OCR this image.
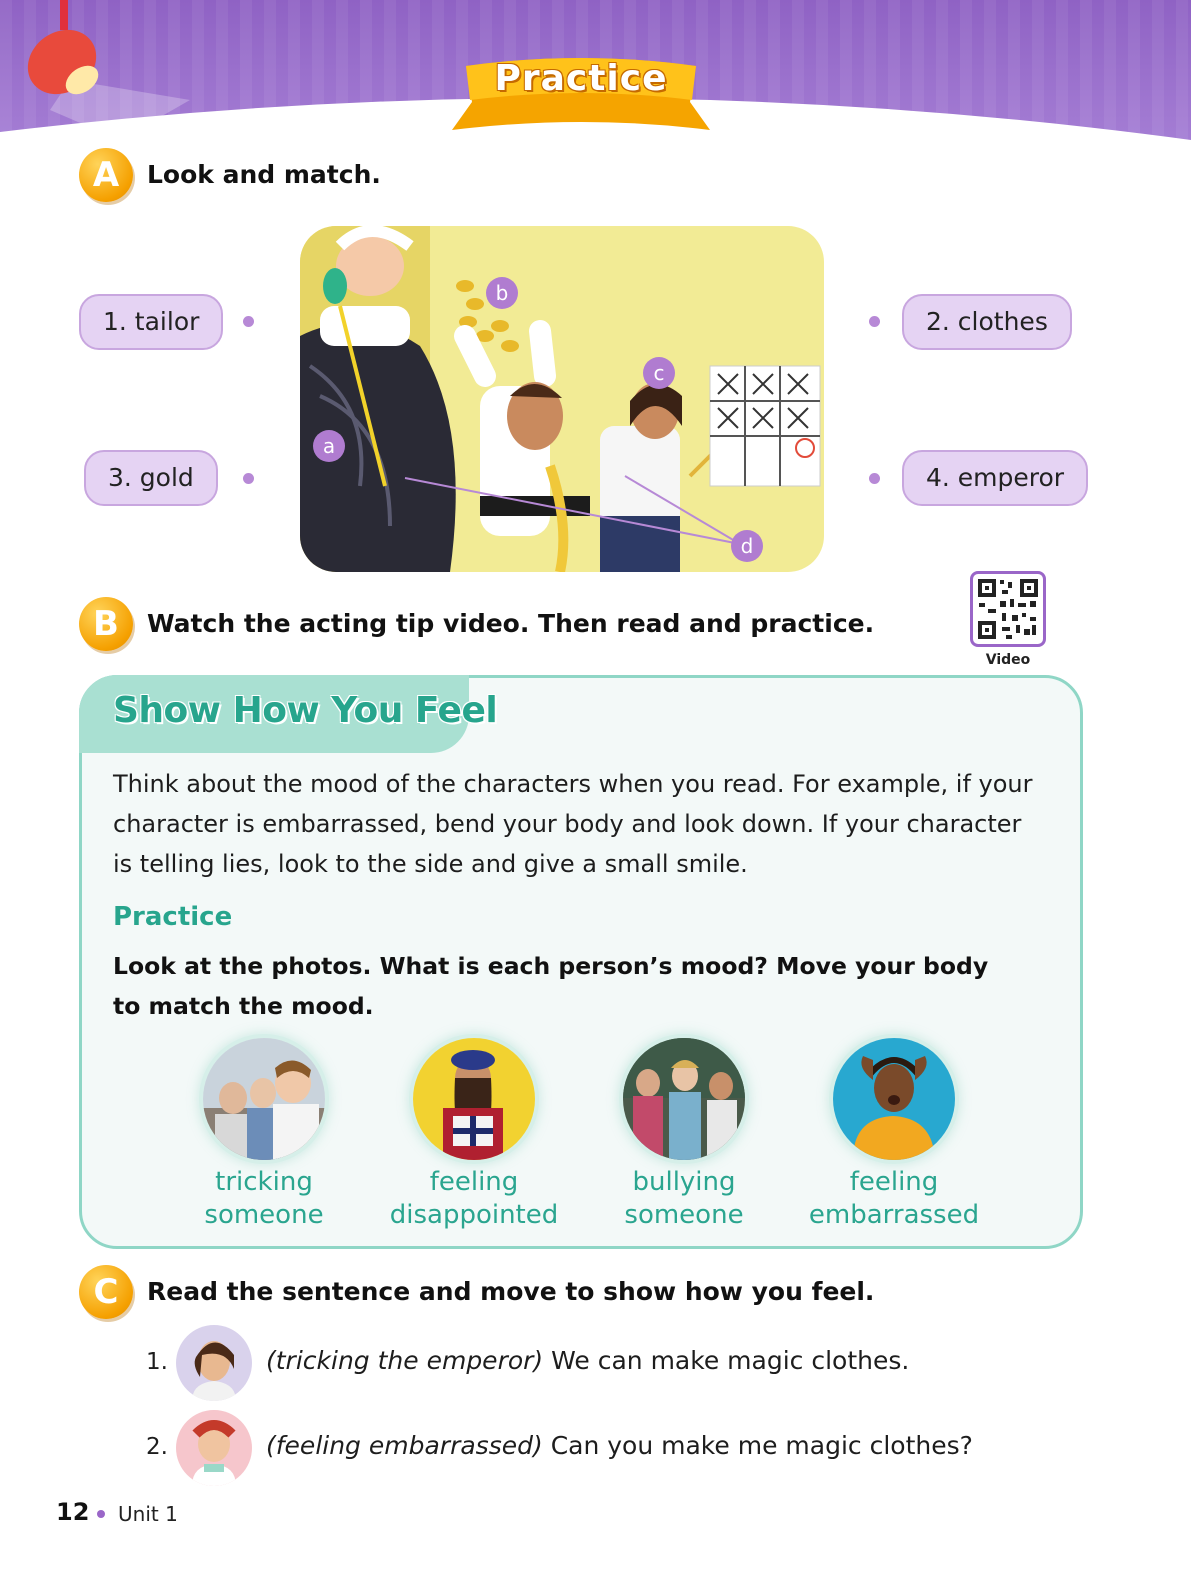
Practice
A	Look and match.
1. tailor	2. clothes
3. gold	4. emperor
a
b
c
d
B	Watch the acting tip video. Then read and practice.
Video
Show How You Feel
Think about the mood of the characters when you read. For example, if your character is embarrassed, bend your body and look down. If your character is telling lies, look to the side and give a small smile.
Practice
Look at the photos. What is each person’s mood? Move your body to match the mood.
tricking
someone
feeling
disappointed
bullying
someone
feeling
embarrassed
C	Read the sentence and move to show how you feel.
1.	(tricking the emperor) We can make magic clothes.
2.	(feeling embarrassed) Can you make me magic clothes?
12 Unit 1
